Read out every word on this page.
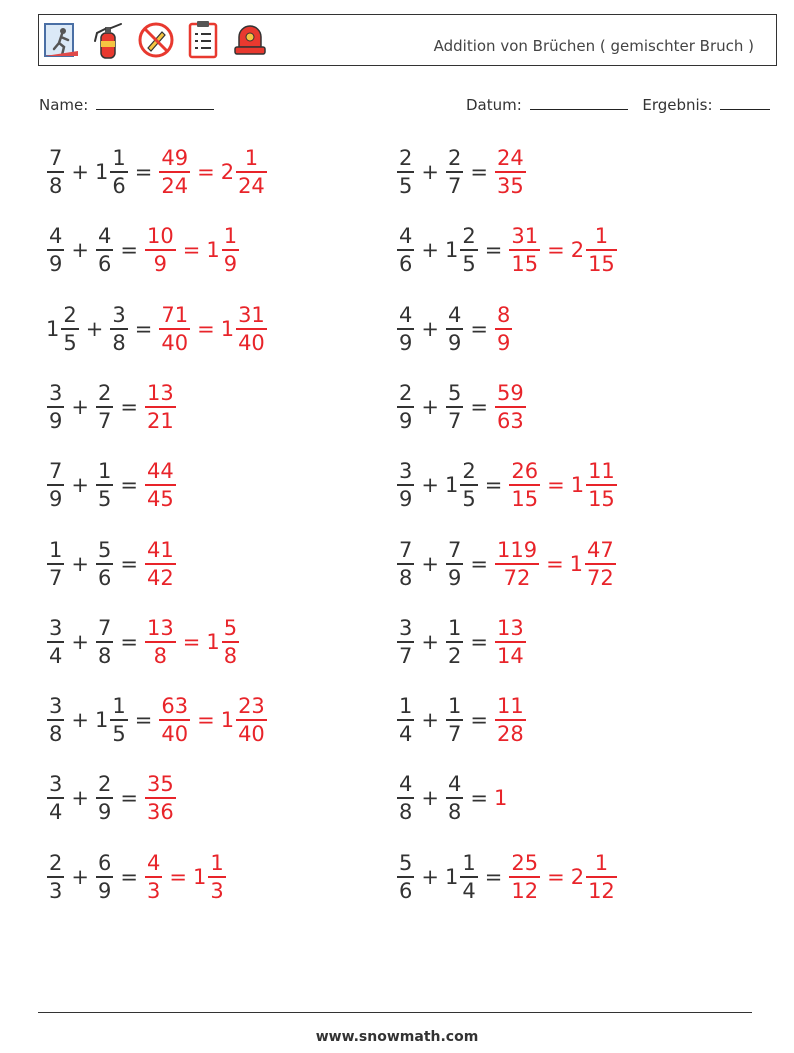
Addition von Brüchen ( gemischter Bruch )
Name:	Datum:	Ergebnis:
$\frac{7}{8} + 1 \frac{1}{6} = \frac{49}{24} = 2 \frac{1}{24}$	$\frac{2}{5} + \frac{2}{7} = \frac{24}{35}$
$\frac{4}{9} + \frac{4}{6} = \frac{10}{9} = 1 \frac{1}{9}$	$\frac{4}{6} + 1 \frac{2}{5} = \frac{31}{15} = 2 \frac{1}{15}$
$1 \frac{2}{5} + \frac{3}{8} = \frac{71}{40} = 1 \frac{31}{40}$	$\frac{4}{9} + \frac{4}{9} = \frac{8}{9}$
$\frac{3}{9} + \frac{2}{7} = \frac{13}{21}$	$\frac{2}{9} + \frac{5}{7} = \frac{59}{63}$
$\frac{7}{9} + \frac{1}{5} = \frac{44}{45}$	$\frac{3}{9} + 1 \frac{2}{5} = \frac{26}{15} = 1 \frac{11}{15}$
$\frac{1}{7} + \frac{5}{6} = \frac{41}{42}$	$\frac{7}{8} + \frac{7}{9} = \frac{119}{72} = 1 \frac{47}{72}$
$\frac{3}{4} + \frac{7}{8} = \frac{13}{8} = 1 \frac{5}{8}$	$\frac{3}{7} + \frac{1}{2} = \frac{13}{14}$
$\frac{3}{8} + 1 \frac{1}{5} = \frac{63}{40} = 1 \frac{23}{40}$	$\frac{1}{4} + \frac{1}{7} = \frac{11}{28}$
$\frac{3}{4} + \frac{2}{9} = \frac{35}{36}$	$\frac{4}{8} + \frac{4}{8} = 1$
$\frac{2}{3} + \frac{6}{9} = \frac{4}{3} = 1 \frac{1}{3}$	$\frac{5}{6} + 1 \frac{1}{4} = \frac{25}{12} = 2 \frac{1}{12}$
www.snowmath.com
